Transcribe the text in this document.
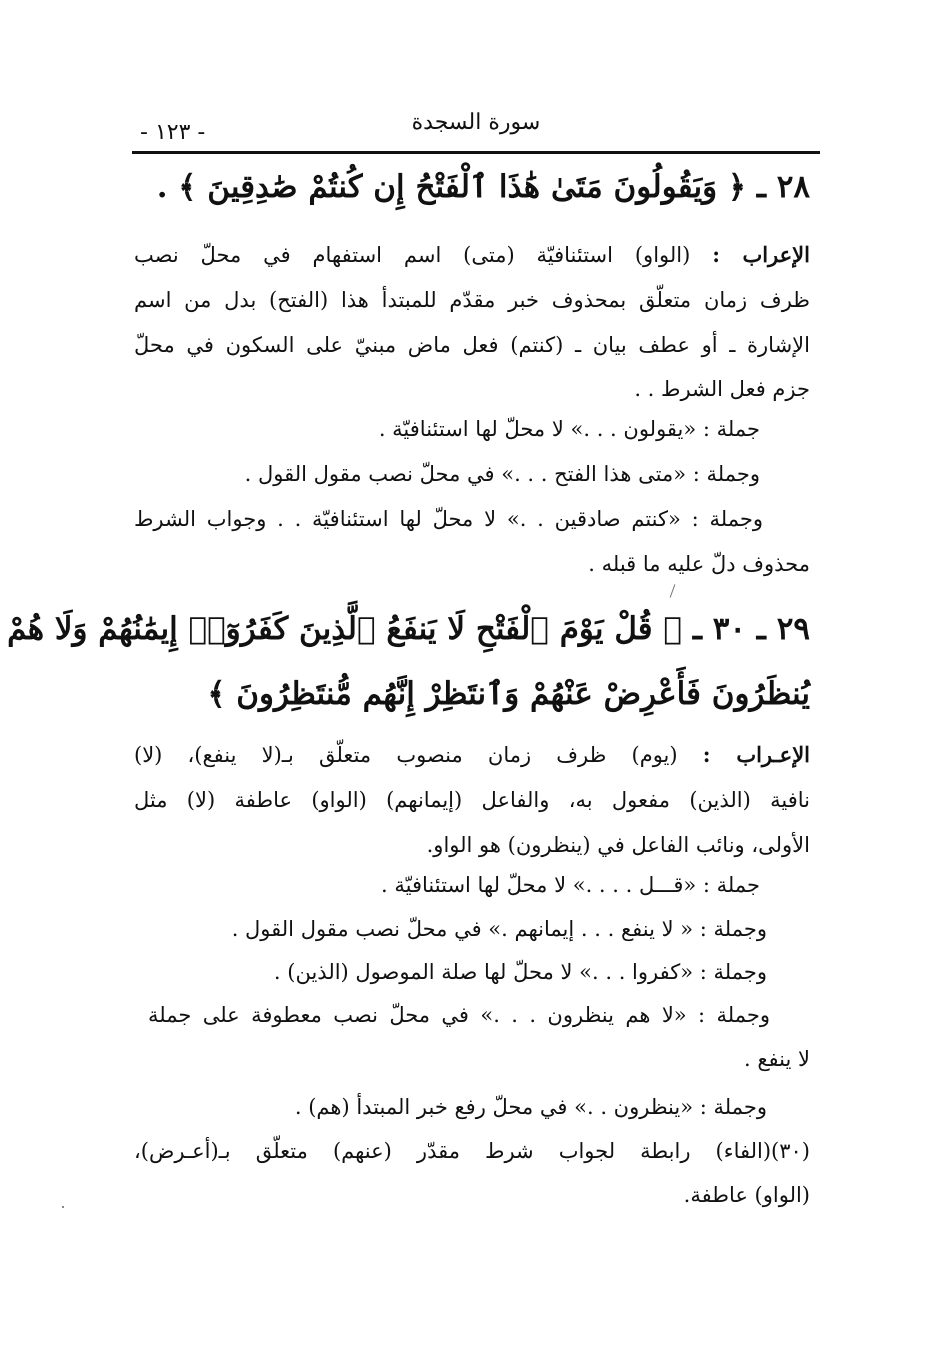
سورة السجدة
- ١٢٣ -
٢٨ ـ ﴿ وَيَقُولُونَ مَتَىٰ هَٰذَا ٱلْفَتْحُ إِن كُنتُمْ صَٰدِقِينَ ﴾ .
الإعراب : (الواو) استئنافيّة (متى) اسم استفهام في محلّ نصب
ظرف زمان متعلّق بمحذوف خبر مقدّم للمبتدأ هذا (الفتح) بدل من اسم
الإشارة ـ أو عطف بيان ـ (كنتم) فعل ماض مبنيّ على السكون في محلّ
جزم فعل الشرط . .
جملة : «يقولون . . .» لا محلّ لها استئنافيّة .
وجملة : «متى هذا الفتح . . .» في محلّ نصب مقول القول .
وجملة : «كنتم صادقين . .» لا محلّ لها استئنافيّة . . وجواب الشرط
محذوف دلّ عليه ما قبله .
٢٩ ـ ٣٠ ـ ﴿ قُلْ يَوْمَ ٱلْفَتْحِ لَا يَنفَعُ ٱلَّذِينَ كَفَرُوٓا۟ إِيمَٰنُهُمْ وَلَا هُمْ
يُنظَرُونَ فَأَعْرِضْ عَنْهُمْ وَٱنتَظِرْ إِنَّهُم مُّنتَظِرُونَ ﴾
الإعـراب : (يوم) ظرف زمان منصوب متعلّق بـ(لا ينفع)، (لا)
نافية (الذين) مفعول به، والفاعل (إيمانهم) (الواو) عاطفة (لا) مثل
الأولى، ونائب الفاعل في (ينظرون) هو الواو.
جملة : «قـــل . . . .» لا محلّ لها استئنافيّة .
وجملة : « لا ينفع . . . إيمانهم .» في محلّ نصب مقول القول .
وجملة : «كفروا . . .» لا محلّ لها صلة الموصول (الذين) .
وجملة : «لا هم ينظرون . . .» في محلّ نصب معطوفة على جملة
لا ينفع .
وجملة : «ينظرون . .» في محلّ رفع خبر المبتدأ (هم) .
(٣٠)(الفاء) رابطة لجواب شرط مقدّر (عنهم) متعلّق بـ(أعـرض)،
(الواو) عاطفة.
